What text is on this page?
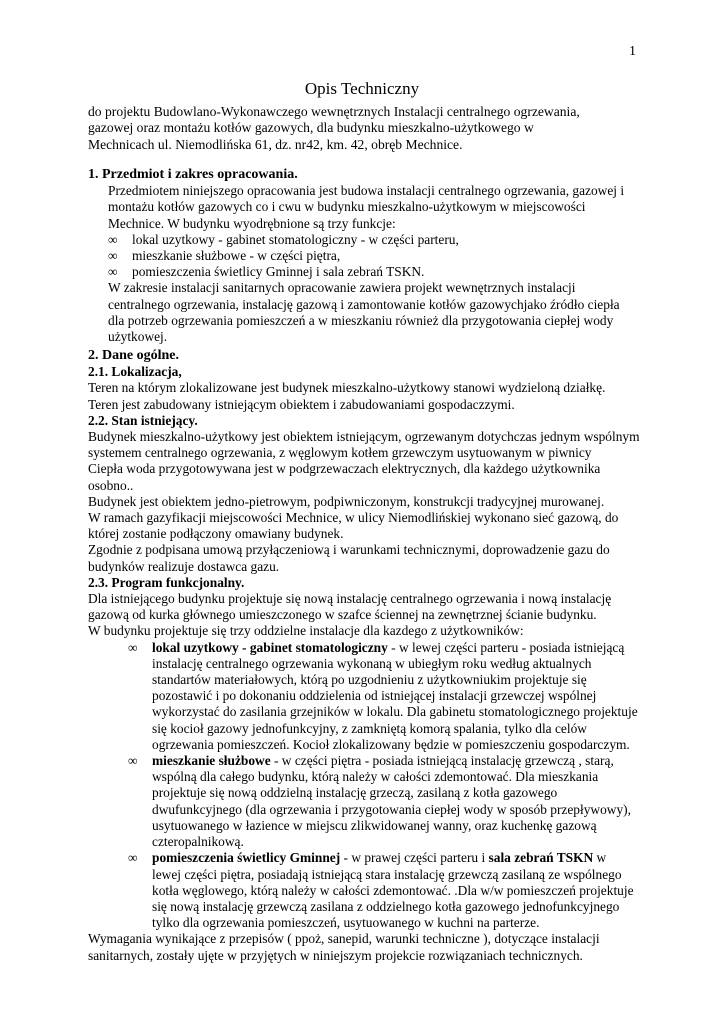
1
Opis Techniczny
do projektu Budowlano-Wykonawczego wewnętrznych Instalacji centralnego ogrzewania,
gazowej oraz montażu kotłów gazowych, dla budynku mieszkalno-użytkowego w
Mechnicach ul. Niemodlińska 61, dz. nr42, km. 42, obręb Mechnice.
1. Przedmiot i zakres opracowania.
Przedmiotem niniejszego opracowania jest budowa instalacji centralnego ogrzewania, gazowej i
montażu kotłów gazowych co i cwu w budynku mieszkalno-użytkowym w miejscowości
Mechnice. W budynku wyodrębnione są trzy funkcje:
∞	lokal uzytkowy - gabinet stomatologiczny - w części parteru,
∞	mieszkanie służbowe - w części piętra,
∞	pomieszczenia świetlicy Gminnej i sala zebrań TSKN.
W zakresie instalacji sanitarnych opracowanie zawiera projekt wewnętrznych instalacji
centralnego ogrzewania, instalację gazową i zamontowanie kotłów gazowychjako źródło ciepła
dla potrzeb ogrzewania pomieszczeń a w mieszkaniu również dla przygotowania ciepłej wody
użytkowej.
2. Dane ogólne.
2.1. Lokalizacja,
Teren na którym zlokalizowane jest budynek mieszkalno-użytkowy stanowi wydzieloną działkę.
Teren jest zabudowany istniejącym obiektem i zabudowaniami gospodaczzymi.
2.2. Stan istniejący.
Budynek mieszkalno-użytkowy jest obiektem istniejącym, ogrzewanym dotychczas jednym wspólnym
systemem centralnego ogrzewania, z węglowym kotłem grzewczym usytuowanym w piwnicy
Ciepła woda przygotowywana jest w podgrzewaczach elektrycznych, dla każdego użytkownika
osobno..
Budynek jest obiektem jedno-pietrowym, podpiwniczonym, konstrukcji tradycyjnej murowanej.
W ramach gazyfikacji miejscowości Mechnice, w ulicy Niemodlińskiej wykonano sieć gazową, do
której zostanie podłączony omawiany budynek.
Zgodnie z podpisana umową przyłączeniową i warunkami technicznymi, doprowadzenie gazu do
budynków realizuje dostawca gazu.
2.3. Program funkcjonalny.
Dla istniejącego budynku projektuje się nową instalację centralnego ogrzewania i nową instalację
gazową od kurka głównego umieszczonego w szafce ściennej na zewnętrznej ścianie budynku.
W budynku projektuje się trzy oddzielne instalacje dla kazdego z użytkowników:
∞	lokal uzytkowy - gabinet stomatologiczny - w lewej części parteru - posiada istniejącą
instalację centralnego ogrzewania wykonaną w ubiegłym roku według aktualnych
standartów materiałowych, którą po uzgodnieniu z użytkowniukim projektuje się
pozostawić i po dokonaniu oddzielenia od istniejącej instalacji grzewczej wspólnej
wykorzystać do zasilania grzejników w lokalu. Dla gabinetu stomatologicznego projektuje
się kocioł gazowy jednofunkcyjny, z zamkniętą komorą spalania, tylko dla celów
ogrzewania pomieszczeń. Kocioł zlokalizowany będzie w pomieszczeniu gospodarczym.
∞	mieszkanie służbowe - w części piętra - posiada istniejącą instalację grzewczą , starą,
wspólną dla całego budynku, którą należy w całości zdemontować. Dla mieszkania
projektuje się nową oddzielną instalację grzeczą, zasilaną z kotła gazowego
dwufunkcyjnego (dla ogrzewania i przygotowania ciepłej wody w sposób przepływowy),
usytuowanego w łazience w miejscu zlikwidowanej wanny, oraz kuchenkę gazową
czteropalnikową.
∞	pomieszczenia świetlicy Gminnej - w prawej części parteru i sala zebrań TSKN w
lewej części piętra, posiadają istniejącą stara instalację grzewczą zasilaną ze wspólnego
kotła węglowego, którą należy w całości zdemontować. .Dla w/w pomieszczeń projektuje
się nową instalację grzewczą zasilana z oddzielnego kotła gazowego jednofunkcyjnego
tylko dla ogrzewania pomieszczeń, usytuowanego w kuchni na parterze.
Wymagania wynikające z przepisów ( ppoż, sanepid, warunki techniczne ), dotyczące instalacji
sanitarnych, zostały ujęte w przyjętych w niniejszym projekcie rozwiązaniach technicznych.
